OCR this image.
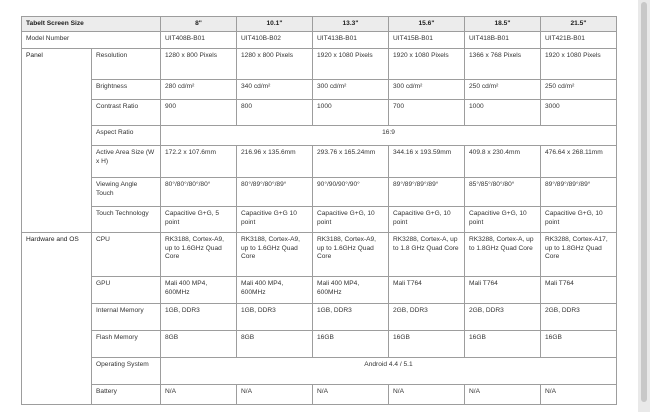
Tabelt Screen Size		8"	10.1"	13.3"	15.6"	18.5"	21.5"
Model Number		UIT408B-B01	UIT410B-B02	UIT413B-B01	UIT415B-B01	UIT418B-B01	UIT421B-B01
Panel	Resolution	1280 x 800 Pixels	1280 x 800 Pixels	1920 x 1080 Pixels	1920 x 1080 Pixels	1366 x 768 Pixels	1920 x 1080 Pixels
	Brightness	280 cd/m²	340 cd/m²	300 cd/m²	300 cd/m²	250 cd/m²	250 cd/m²
	Contrast Ratio	900	800	1000	700	1000	3000
	Aspect Ratio	16:9					
	Active Area Size (W x H)	172.2 x 107.6mm	216.96 x 135.6mm	293.76 x 165.24mm	344.16 x 193.59mm	409.8 x 230.4mm	476.64 x 268.11mm
	Viewing Angle Touch	80°/80°/80°/80°	80°/89°/80°/89°	90°/90/90°/90°	89°/89°/89°/89°	85°/85°/80°/80°	89°/89°/89°/89°
	Touch Technology	Capacitive G+G, 5 point	Capacitive G+G 10 point	Capacitive G+G, 10 point	Capacitive G+G, 10 point	Capacitive G+G, 10 point	Capacitive G+G, 10 point
Hardware and OS	CPU	RK3188, Cortex-A9, up to 1.6GHz Quad Core	RK3188, Cortex-A9, up to 1.6GHz Quad Core	RK3188, Cortex-A9, up to 1.6GHz Quad Core	RK3288, Cortex-A, up to 1.8 GHz Quad Core	RK3288, Cortex-A, up to 1.8GHz Quad Core	RK3288, Cortex-A17, up to 1.8GHz Quad Core
	GPU	Mali 400 MP4, 600MHz	Mali 400 MP4, 600MHz	Mali 400 MP4, 600MHz	Mali T764	Mali T764	Mali T764
	Internal Memory	1GB, DDR3	1GB, DDR3	1GB, DDR3	2GB, DDR3	2GB, DDR3	2GB, DDR3
	Flash Memory	8GB	8GB	16GB	16GB	16GB	16GB
	Operating System	Android 4.4 / 5.1					
	Battery	N/A	N/A	N/A	N/A	N/A	N/A
